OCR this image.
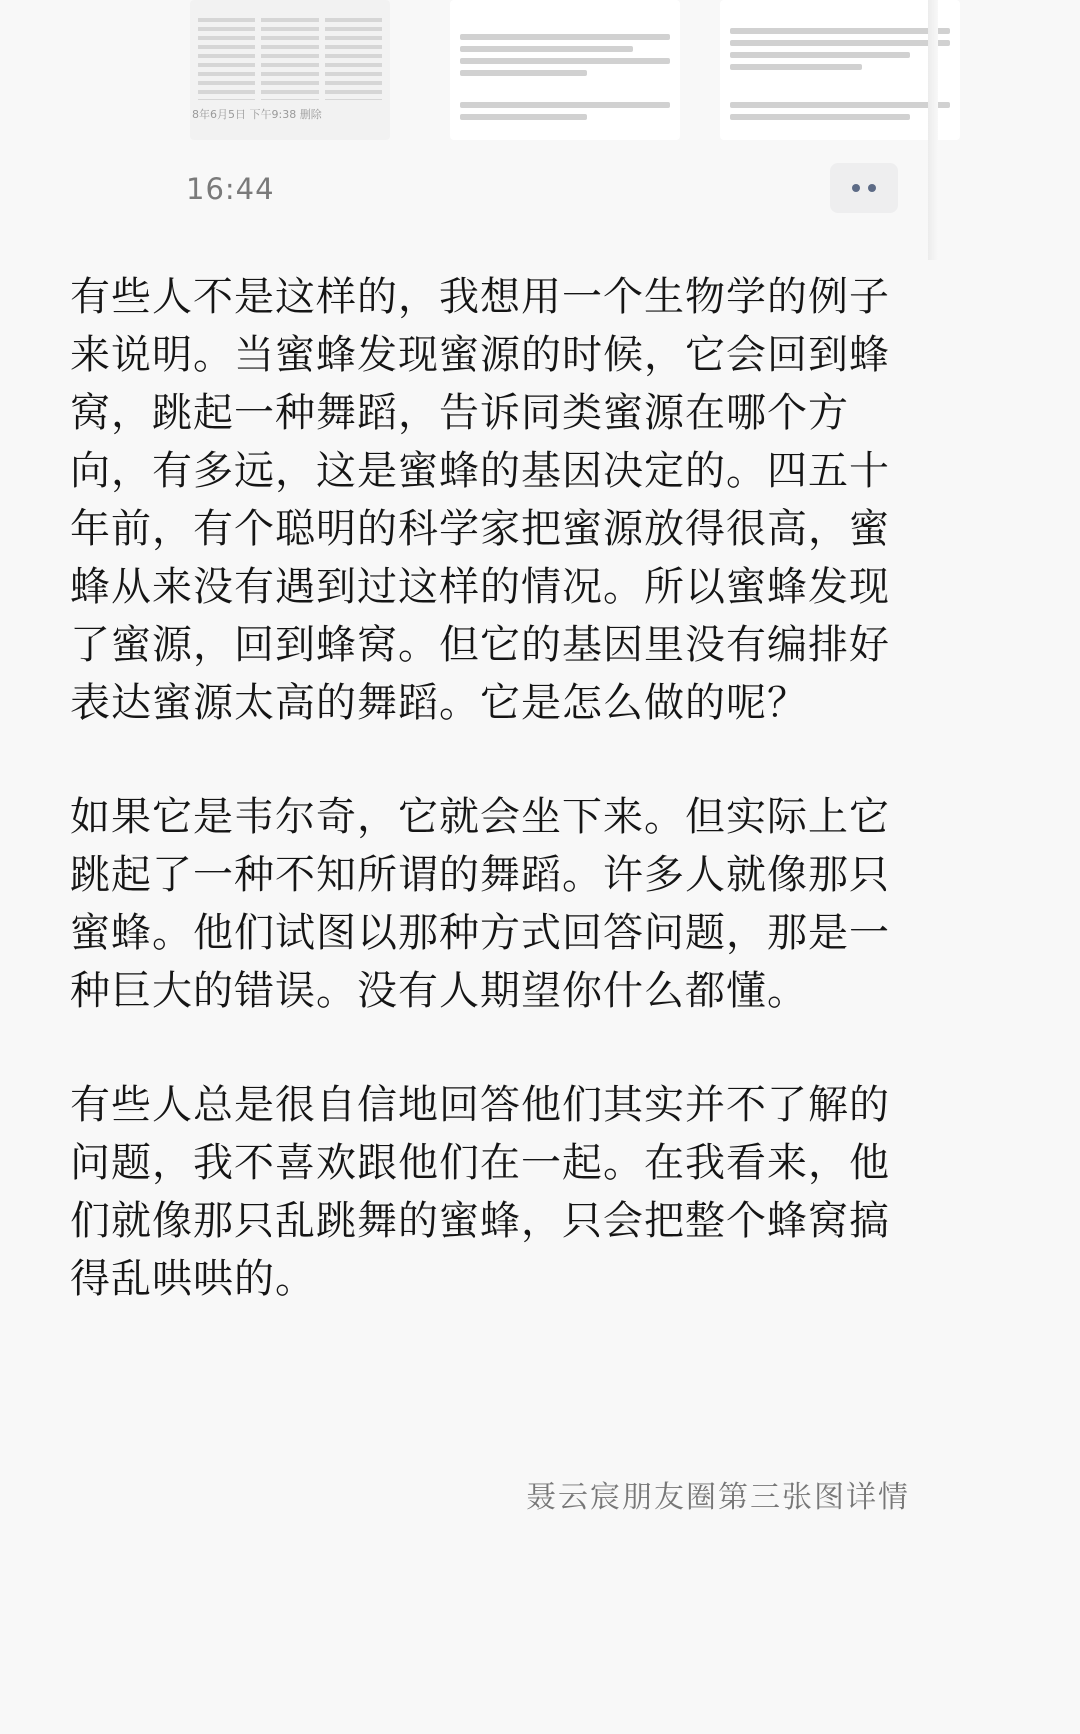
8年6月5日 下午9:38 删除
16:44

有些人不是这样的，我想用一个生物学的例子
来说明。当蜜蜂发现蜜源的时候，它会回到蜂
窝，跳起一种舞蹈，告诉同类蜜源在哪个方
向，有多远，这是蜜蜂的基因决定的。四五十
年前，有个聪明的科学家把蜜源放得很高，蜜
蜂从来没有遇到过这样的情况。所以蜜蜂发现
了蜜源，回到蜂窝。但它的基因里没有编排好
表达蜜源太高的舞蹈。它是怎么做的呢？

如果它是韦尔奇，它就会坐下来。但实际上它
跳起了一种不知所谓的舞蹈。许多人就像那只
蜜蜂。他们试图以那种方式回答问题，那是一
种巨大的错误。没有人期望你什么都懂。

有些人总是很自信地回答他们其实并不了解的
问题，我不喜欢跟他们在一起。在我看来，他
们就像那只乱跳舞的蜜蜂，只会把整个蜂窝搞
得乱哄哄的。

聂云宸朋友圈第三张图详情
